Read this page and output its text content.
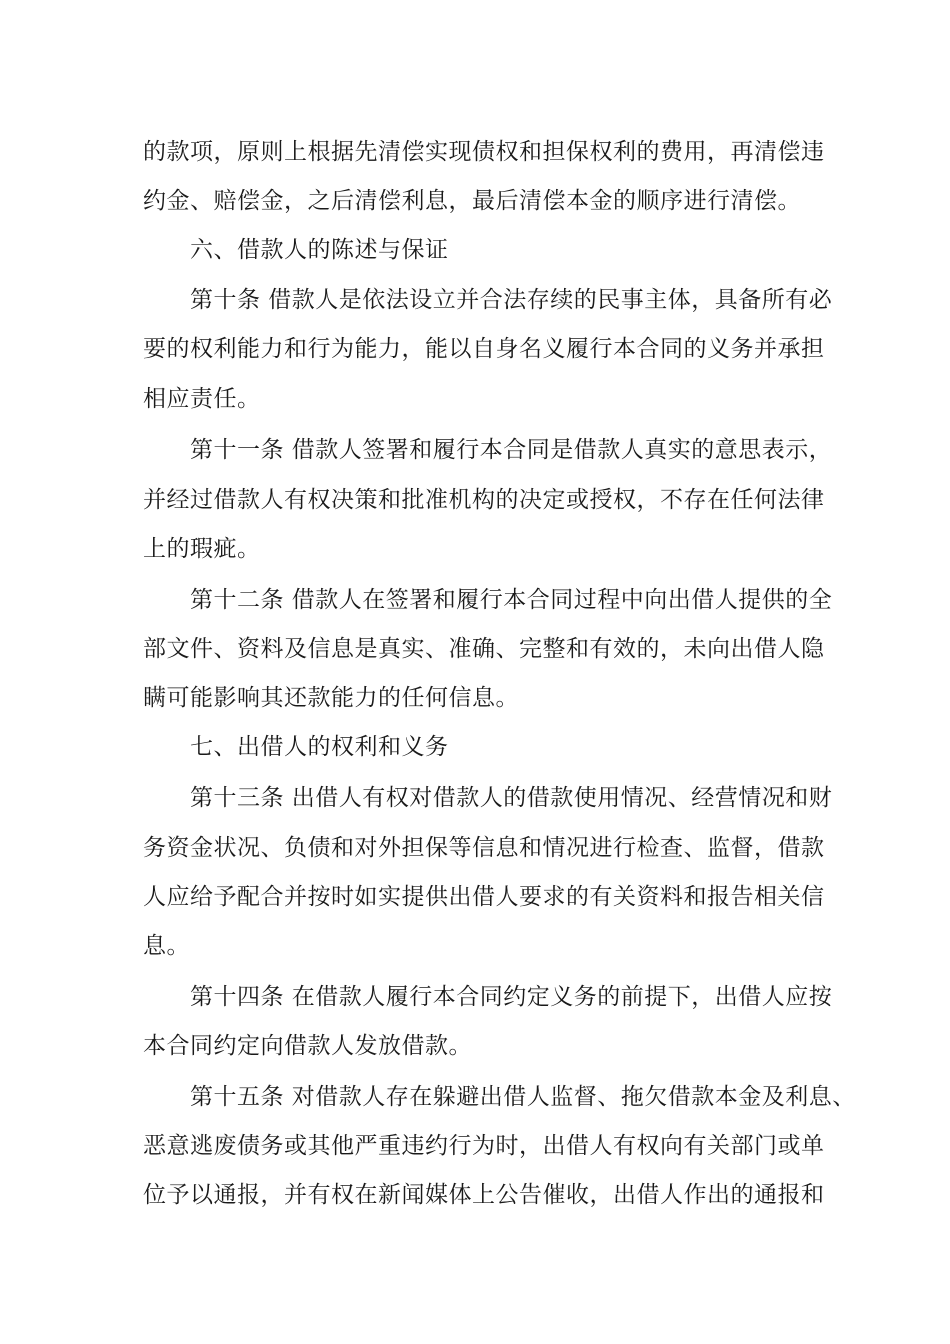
的款项，原则上根据先清偿实现债权和担保权利的费用，再清偿违
约金、赔偿金，之后清偿利息，最后清偿本金的顺序进行清偿。
六、借款人的陈述与保证
第十条 借款人是依法设立并合法存续的民事主体，具备所有必
要的权利能力和行为能力，能以自身名义履行本合同的义务并承担
相应责任。
第十一条 借款人签署和履行本合同是借款人真实的意思表示，
并经过借款人有权决策和批准机构的决定或授权，不存在任何法律
上的瑕疵。
第十二条 借款人在签署和履行本合同过程中向出借人提供的全
部文件、资料及信息是真实、准确、完整和有效的，未向出借人隐
瞒可能影响其还款能力的任何信息。
七、出借人的权利和义务
第十三条 出借人有权对借款人的借款使用情况、经营情况和财
务资金状况、负债和对外担保等信息和情况进行检查、监督，借款
人应给予配合并按时如实提供出借人要求的有关资料和报告相关信
息。
第十四条 在借款人履行本合同约定义务的前提下，出借人应按
本合同约定向借款人发放借款。
第十五条 对借款人存在躲避出借人监督、拖欠借款本金及利息、
恶意逃废债务或其他严重违约行为时，出借人有权向有关部门或单
位予以通报，并有权在新闻媒体上公告催收，出借人作出的通报和
